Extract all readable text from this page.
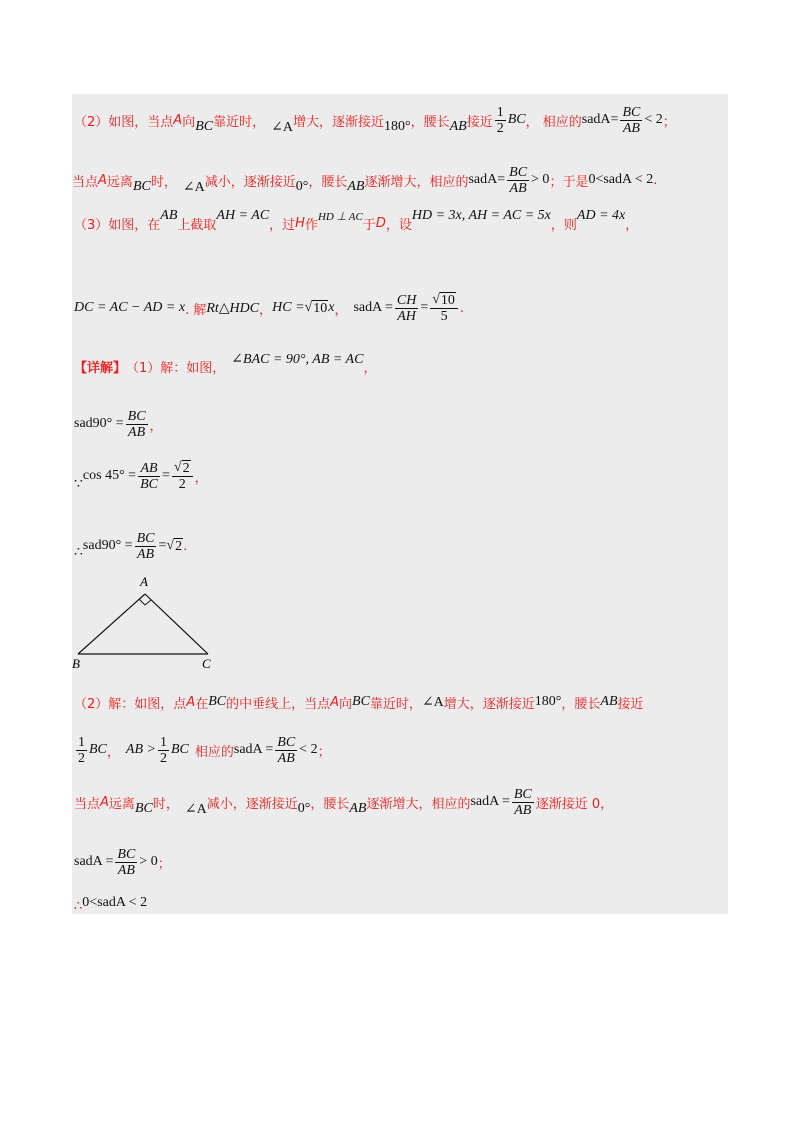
（2）如图，当点 A 向 BC 靠近时， ∠A 增大，逐渐接近 180° ，腰长 AB 接近 $\frac{1}{2}$ BC ， 相应的 sadA = $\frac{BC}{AB} < 2$ ；
当点 A 远离 BC 时， ∠A 减小，逐渐接近 0° ，腰长 AB 逐渐增大，相应的 sadA = $\frac{BC}{AB} > 0$ ；于是 0<sadA < 2 .
（3）如图，在
AB
上截取
AH = AC
，过 H 作
HD ⊥ AC
于 D ，设
HD = 3x, AH = AC = 5x
，则
AD = 4x
，
DC = AC − AD = x . 解 Rt△HDC ， HC = √ 10 x ， sadA = $\frac{CH}{AH} = \frac{√ 10}{5}$ .
【详解】 （1）解：如图，
∠BAC = 90°, AB = AC
，
$sad90^\circ = \frac{BC}{AB}$ ，
∵
$\cos 45^\circ = \frac{AB}{BC} = \frac{√ 2}{2}$ ，
∴ $sad90^\circ = \frac{BC}{AB}$ = √ 2 .
A
B	C
（2）解：如图，点 A 在 BC 的中垂线上，当点 A 向 BC 靠近时， ∠A 增大，逐渐接近 180° ，腰长 AB 接近
$\frac{1}{2}$ BC ， AB > $\frac{1}{2}$ BC 相应的 sadA = $\frac{BC}{AB} < 2$ ；
当点 A 远离 BC 时， ∠A 减小，逐渐接近 0° ，腰长 AB 逐渐增大，相应的 sadA = $\frac{BC}{AB}$ 逐渐接近 0，
sadA = $\frac{BC}{AB} > 0$ ；
∴ 0<sadA < 2
